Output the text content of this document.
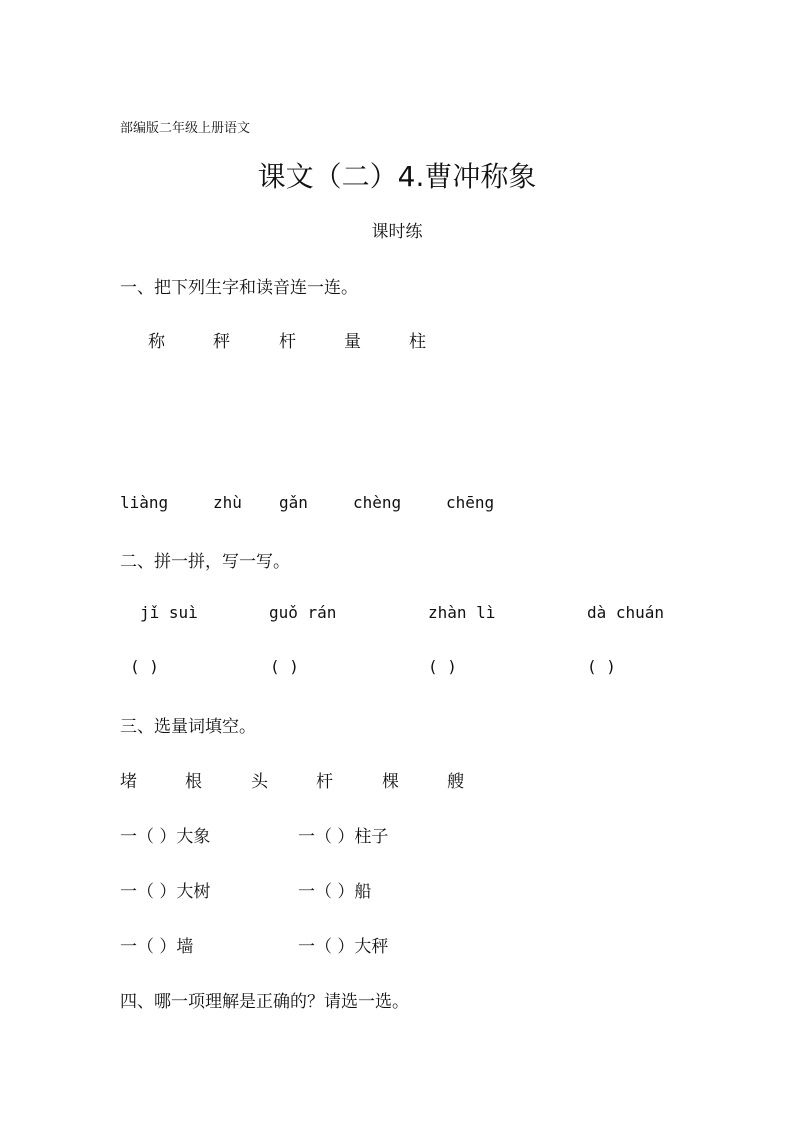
部编版二年级上册语文
课文（二）4.曹冲称象
课时练
一、把下列生字和读音连一连。
称	秤	杆	量	柱
liàng	zhù gǎn	chèng	chēng
二、拼一拼，写一写。
jǐ suì	guǒ rán	zhàn lì	dà chuán
( )	( )	( )	( )
三、选量词填空。
堵	根	头	杆	棵	艘
一（ ）大象	一（ ）柱子
一（ ）大树	一（ ）船
一（ ）墙	一（ ）大秤
四、哪一项理解是正确的？请选一选。
